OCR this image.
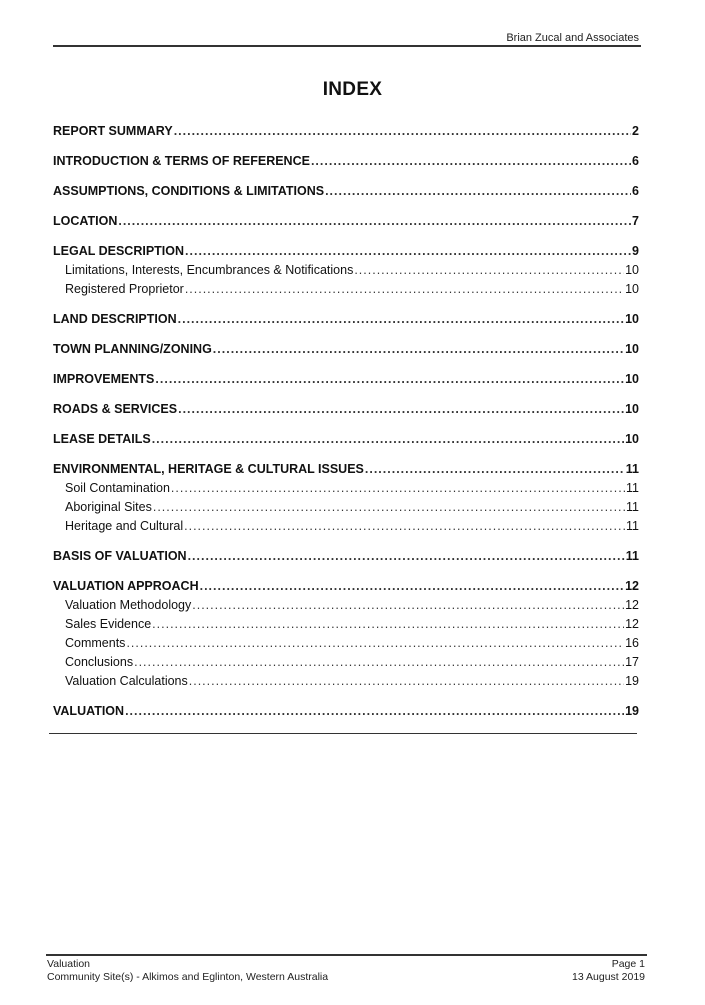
Brian Zucal and Associates
INDEX
REPORT SUMMARY .....	2
INTRODUCTION & TERMS OF REFERENCE .....	6
ASSUMPTIONS, CONDITIONS & LIMITATIONS .....	6
LOCATION .....	7
LEGAL DESCRIPTION .....	9
Limitations, Interests, Encumbrances & Notifications .....	10
Registered Proprietor .....	10
LAND DESCRIPTION .....	10
TOWN PLANNING/ZONING .....	10
IMPROVEMENTS .....	10
ROADS & SERVICES .....	10
LEASE DETAILS .....	10
ENVIRONMENTAL, HERITAGE & CULTURAL ISSUES .....	11
Soil Contamination .....	11
Aboriginal Sites .....	11
Heritage and Cultural .....	11
BASIS OF VALUATION .....	11
VALUATION APPROACH .....	12
Valuation Methodology .....	12
Sales Evidence .....	12
Comments .....	16
Conclusions .....	17
Valuation Calculations .....	19
VALUATION .....	19
Valuation	Page 1
Community Site(s) - Alkimos and Eglinton, Western Australia	13 August 2019
